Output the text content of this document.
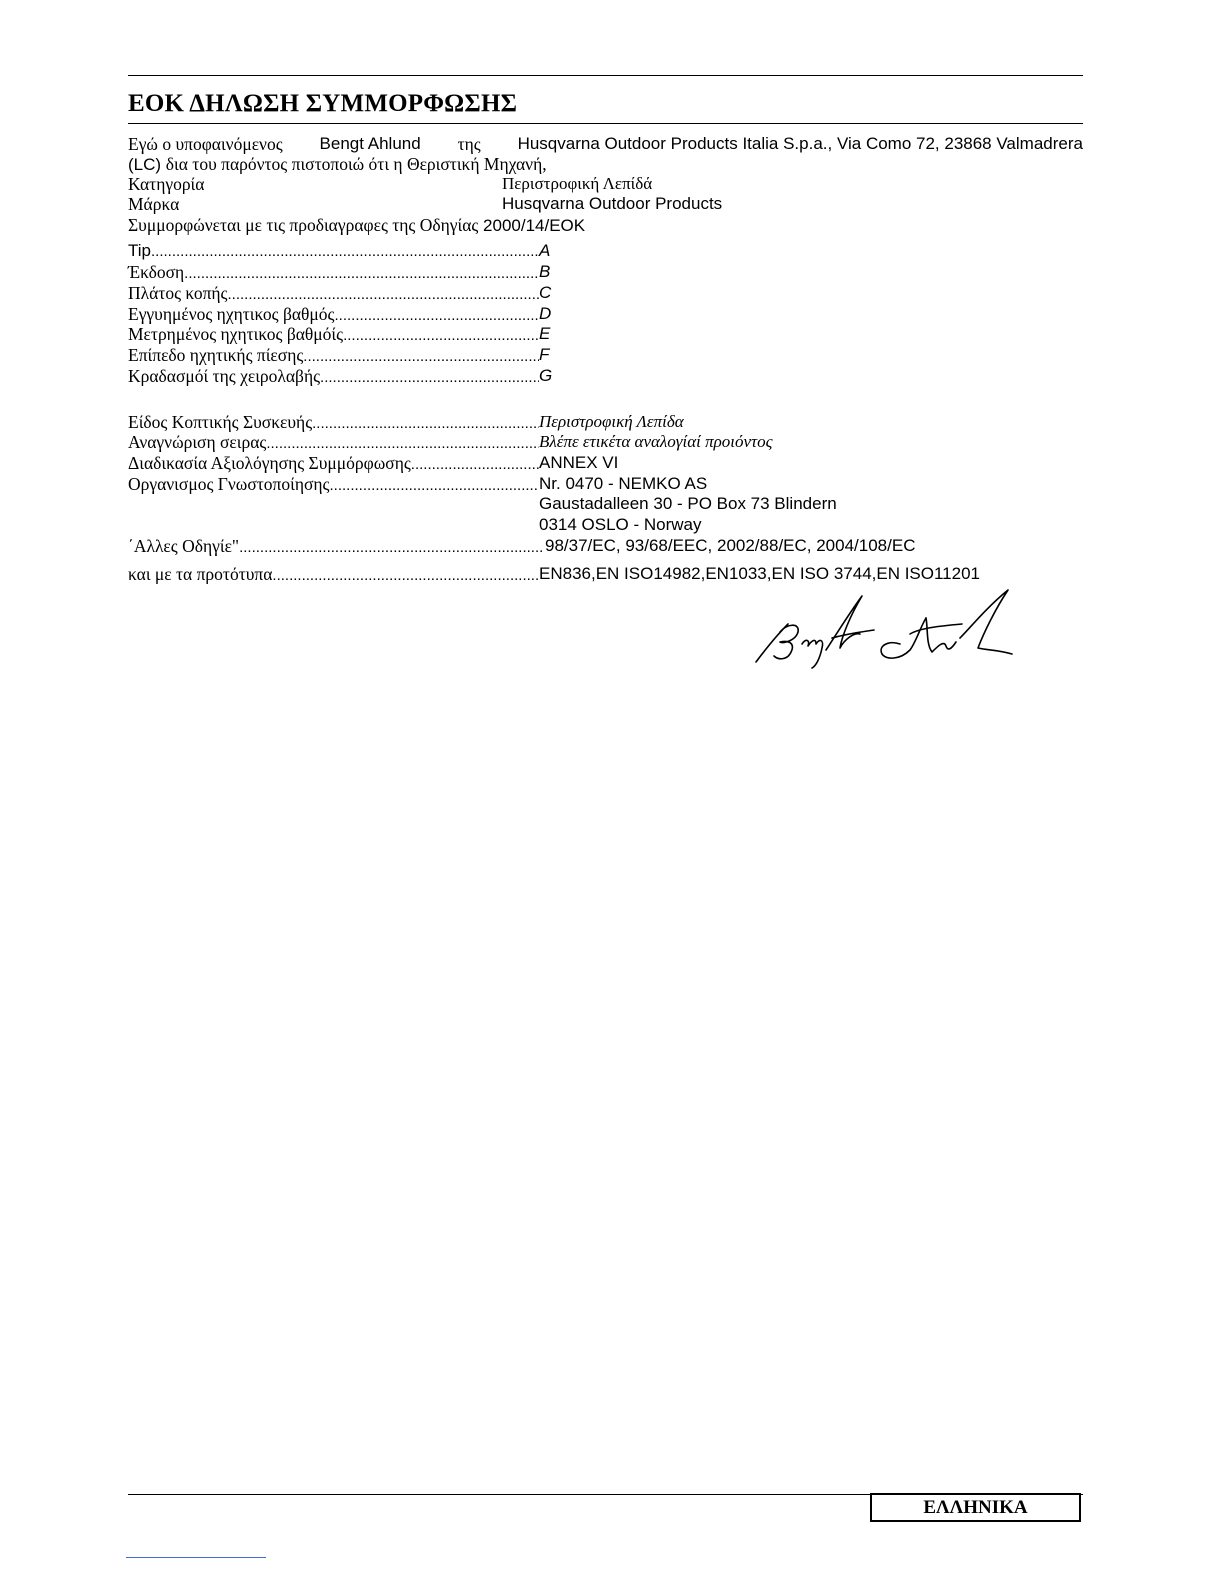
ΕΟΚ ΔΗΛΩΣΗ ΣΥΜΜΟΡΦΩΣΗΣ
Εγώ ο υποφαινόμενος Bengt Ahlund της Husqvarna Outdoor Products Italia S.p.a., Via Como 72, 23868 Valmadrera
(LC) δια του παρόντος πιστοποιώ ότι η Θεριστική Μηχανή,
Κατηγορία	Περιστροφική Λεπίδά
Μάρκα	Husqvarna Outdoor Products
Συμμορφώνεται με τις προδιαγραφες της Οδηγίας 2000/14/EOK
Tip .....	A
Έκδοση .....	B
Πλάτος κοπής .....	C
Εγγυημένος ηχητικος βαθμός .....	D
Μετρημένος ηχητικος βαθμόίς .....	E
Επίπεδο ηχητικής πίεσης .....	F
Κραδασμόί της χειρολαβής .....	G
Είδος Κοπτικής Συσκευής .....	Περιστροφική Λεπίδα
Αναγνώριση σειρας .....	Βλέπε ετικέτα αναλογίαί προιόντος
Διαδικασία Αξιολόγησης Συμμόρφωσης .....	ANNEX VI
Οργανισμος Γνωστοποίησης .....	Nr. 0470 - NEMKO AS
Gaustadalleen 30 - PO Box 73 Blindern
0314 OSLO - Norway
΄Αλλες Οδηγίε" .....	98/37/EC, 93/68/EEC, 2002/88/EC, 2004/108/EC
και με τα προτότυπα .....	EN836,EN ISO14982,EN1033,EN ISO 3744,EN ISO11201
ΕΛΛΗΝΙΚΑ
